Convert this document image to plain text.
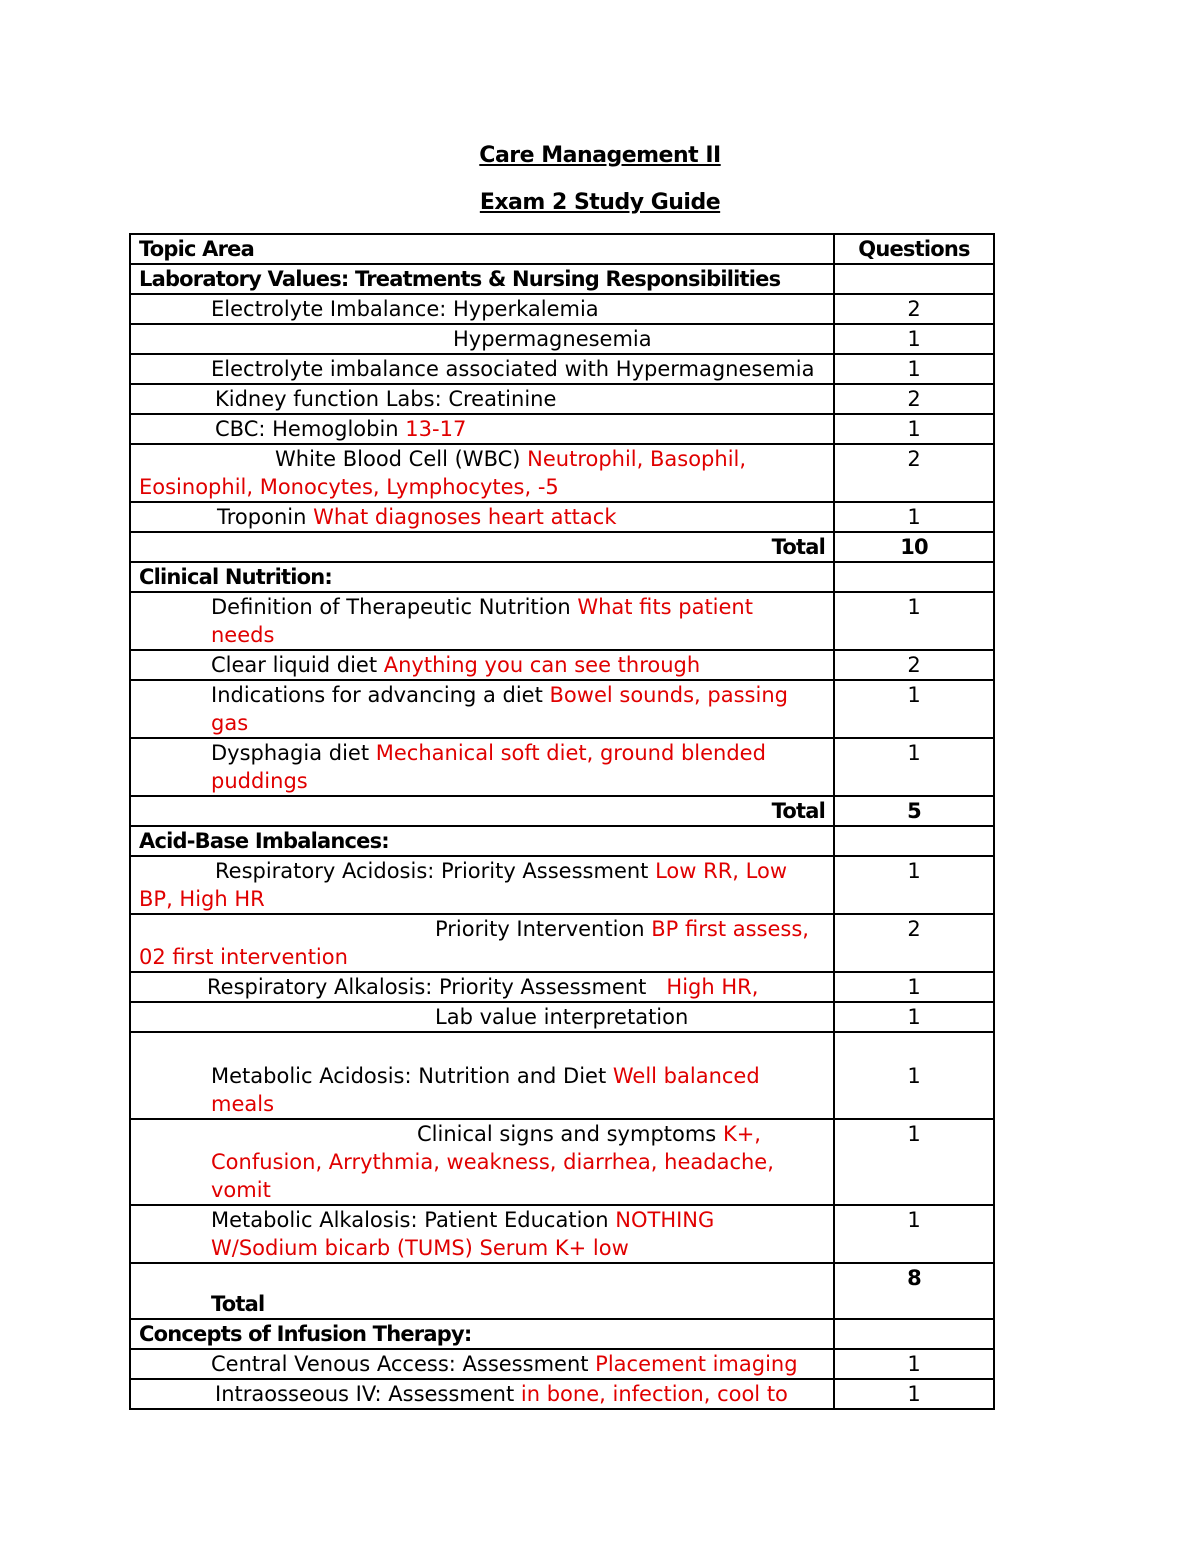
Care Management II
Exam 2 Study Guide
Topic Area	Questions
Laboratory Values: Treatments & Nursing Responsibilities	
Electrolyte Imbalance: Hyperkalemia	2
Hypermagnesemia	1
Electrolyte imbalance associated with Hypermagnesemia	1
Kidney function Labs: Creatinine	2
CBC: Hemoglobin 13-17	1
White Blood Cell (WBC) Neutrophil, Basophil, Eosinophil, Monocytes, Lymphocytes, -5	2
Troponin What diagnoses heart attack	1
Total	10
Clinical Nutrition:	
Definition of Therapeutic Nutrition What fits patient needs	1
Clear liquid diet Anything you can see through	2
Indications for advancing a diet Bowel sounds, passing gas	1
Dysphagia diet Mechanical soft diet, ground blended puddings	1
Total	5
Acid-Base Imbalances:	
Respiratory Acidosis: Priority Assessment Low RR, Low BP, High HR	1
Priority Intervention BP first assess, 02 first intervention	2
Respiratory Alkalosis: Priority Assessment   High HR,	1
Lab value interpretation	1
Metabolic Acidosis: Nutrition and Diet Well balanced meals	1
Clinical signs and symptoms K+, Confusion, Arrythmia, weakness, diarrhea, headache, vomit	1
Metabolic Alkalosis: Patient Education NOTHING W/Sodium bicarb (TUMS) Serum K+ low	1
Total	8
Concepts of Infusion Therapy:	
Central Venous Access: Assessment Placement imaging	1
Intraosseous IV: Assessment in bone, infection, cool to	1
